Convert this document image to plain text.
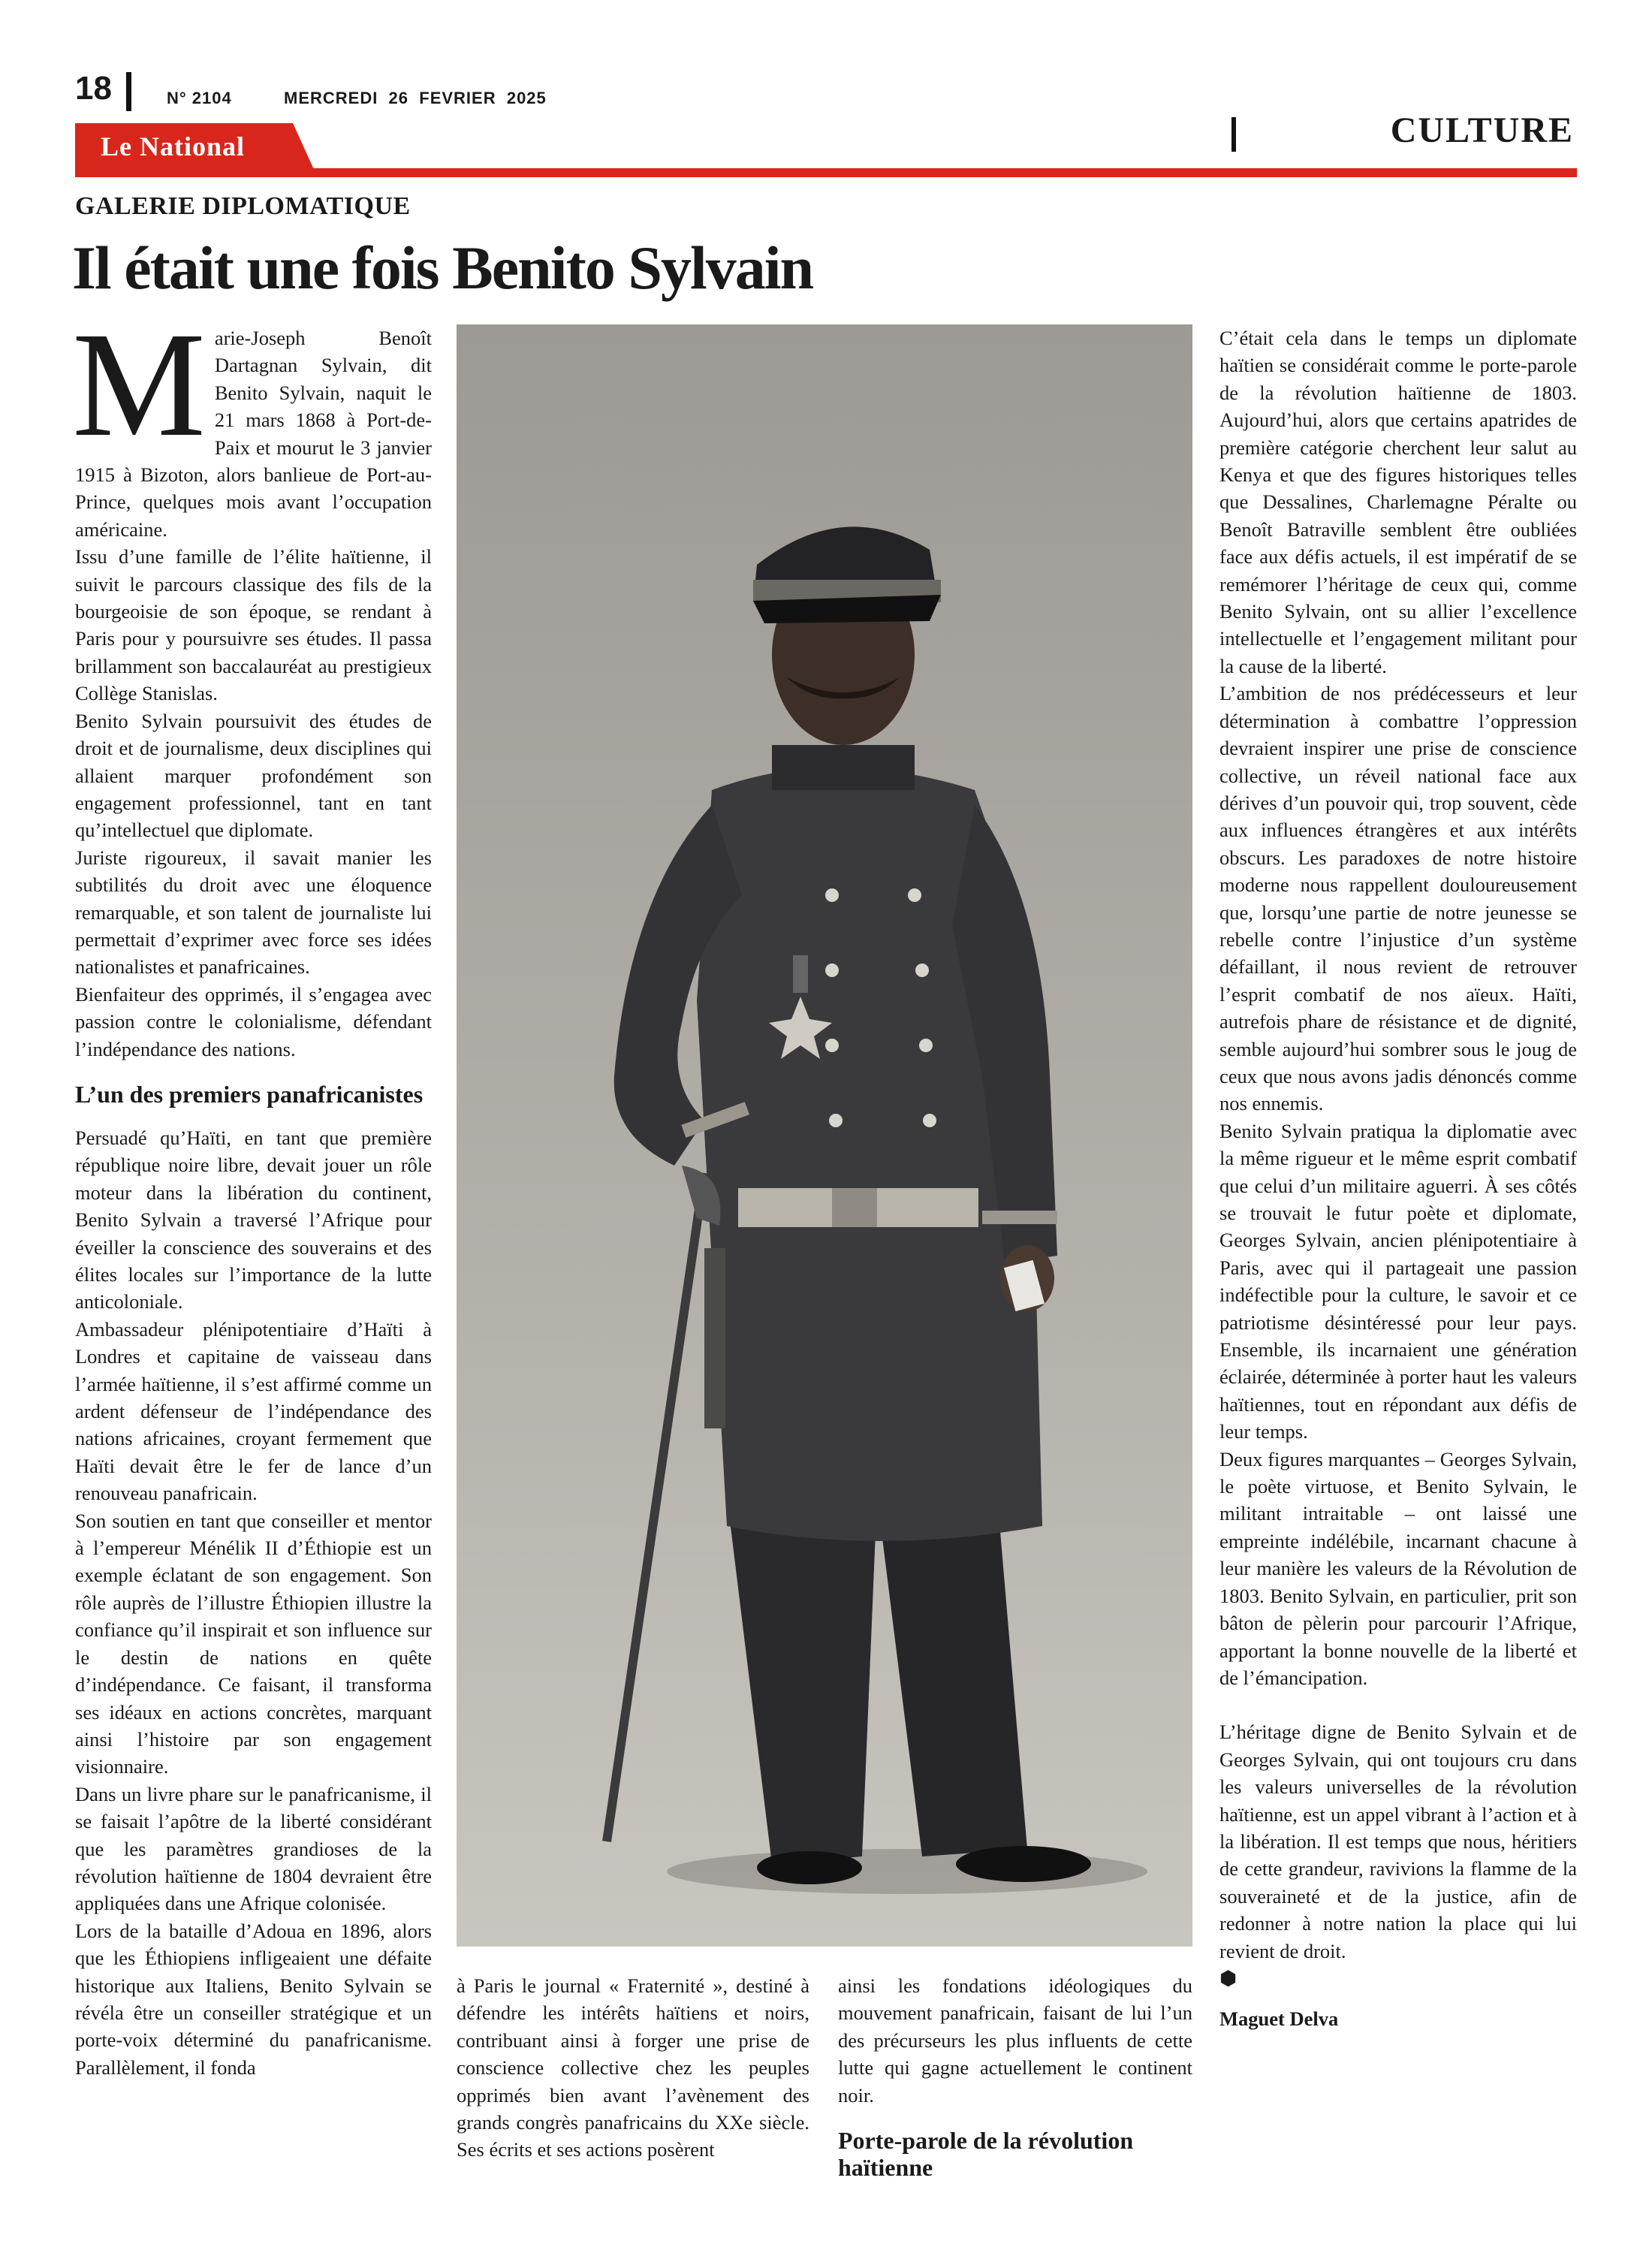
18	N° 2104	MERCREDI  26  FEVRIER  2025
CULTURE
Le National
GALERIE DIPLOMATIQUE
Il était une fois Benito Sylvain

Marie-Joseph Benoît Dartagnan Sylvain, dit Benito Sylvain, naquit le 21 mars 1868 à Port-de-Paix et mourut le 3 janvier 1915 à Bizoton, alors banlieue de Port-au-Prince, quelques mois avant l’occupation américaine.

Issu d’une famille de l’élite haïtienne, il suivit le parcours classique des fils de la bourgeoisie de son époque, se rendant à Paris pour y poursuivre ses études. Il passa brillamment son baccalauréat au prestigieux Collège Stanislas.

Benito Sylvain poursuivit des études de droit et de journalisme, deux disciplines qui allaient marquer profondément son engagement professionnel, tant en tant qu’intellectuel que diplomate.

Juriste rigoureux, il savait manier les subtilités du droit avec une éloquence remarquable, et son talent de journaliste lui permettait d’exprimer avec force ses idées nationalistes et panafricaines.

Bienfaiteur des opprimés, il s’engagea avec passion contre le colonialisme, défendant l’indépendance des nations.

L’un des premiers panafricanistes

Persuadé qu’Haïti, en tant que première république noire libre, devait jouer un rôle moteur dans la libération du continent, Benito Sylvain a traversé l’Afrique pour éveiller la conscience des souverains et des élites locales sur l’importance de la lutte anticoloniale.

Ambassadeur plénipotentiaire d’Haïti à Londres et capitaine de vaisseau dans l’armée haïtienne, il s’est affirmé comme un ardent défenseur de l’indépendance des nations africaines, croyant fermement que Haïti devait être le fer de lance d’un renouveau panafricain.

Son soutien en tant que conseiller et mentor à l’empereur Ménélik II d’Éthiopie est un exemple éclatant de son engagement. Son rôle auprès de l’illustre Éthiopien illustre la confiance qu’il inspirait et son influence sur le destin de nations en quête d’indépendance. Ce faisant, il transforma ses idéaux en actions concrètes, marquant ainsi l’histoire par son engagement visionnaire.

Dans un livre phare sur le panafricanisme, il se faisait l’apôtre de la liberté considérant que les paramètres grandioses de la révolution haïtienne de 1804 devraient être appliquées dans une Afrique colonisée.

Lors de la bataille d’Adoua en 1896, alors que les Éthiopiens infligeaient une défaite historique aux Italiens, Benito Sylvain se révéla être un conseiller stratégique et un porte-voix déterminé du panafricanisme. Parallèlement, il fonda

à Paris le journal « Fraternité », destiné à défendre les intérêts haïtiens et noirs, contribuant ainsi à forger une prise de conscience collective chez les peuples opprimés bien avant l’avènement des grands congrès panafricains du XXe siècle. Ses écrits et ses actions posèrent

ainsi les fondations idéologiques du mouvement panafricain, faisant de lui l’un des précurseurs les plus influents de cette lutte qui gagne actuellement le continent noir.

Porte-parole de la révolution haïtienne

C’était cela dans le temps un diplomate haïtien se considérait comme le porte-parole de la révolution haïtienne de 1803. Aujourd’hui, alors que certains apatrides de première catégorie cherchent leur salut au Kenya et que des figures historiques telles que Dessalines, Charlemagne Péralte ou Benoît Batraville semblent être oubliées face aux défis actuels, il est impératif de se remémorer l’héritage de ceux qui, comme Benito Sylvain, ont su allier l’excellence intellectuelle et l’engagement militant pour la cause de la liberté.

L’ambition de nos prédécesseurs et leur détermination à combattre l’oppression devraient inspirer une prise de conscience collective, un réveil national face aux dérives d’un pouvoir qui, trop souvent, cède aux influences étrangères et aux intérêts obscurs. Les paradoxes de notre histoire moderne nous rappellent douloureusement que, lorsqu’une partie de notre jeunesse se rebelle contre l’injustice d’un système défaillant, il nous revient de retrouver l’esprit combatif de nos aïeux. Haïti, autrefois phare de résistance et de dignité, semble aujourd’hui sombrer sous le joug de ceux que nous avons jadis dénoncés comme nos ennemis.

Benito Sylvain pratiqua la diplomatie avec la même rigueur et le même esprit combatif que celui d’un militaire aguerri. À ses côtés se trouvait le futur poète et diplomate, Georges Sylvain, ancien plénipotentiaire à Paris, avec qui il partageait une passion indéfectible pour la culture, le savoir et ce patriotisme désintéressé pour leur pays. Ensemble, ils incarnaient une génération éclairée, déterminée à porter haut les valeurs haïtiennes, tout en répondant aux défis de leur temps.

Deux figures marquantes – Georges Sylvain, le poète virtuose, et Benito Sylvain, le militant intraitable – ont laissé une empreinte indélébile, incarnant chacune à leur manière les valeurs de la Révolution de 1803. Benito Sylvain, en particulier, prit son bâton de pèlerin pour parcourir l’Afrique, apportant la bonne nouvelle de la liberté et de l’émancipation.

L’héritage digne de Benito Sylvain et de Georges Sylvain, qui ont toujours cru dans les valeurs universelles de la révolution haïtienne, est un appel vibrant à l’action et à la libération. Il est temps que nous, héritiers de cette grandeur, ravivions la flamme de la souveraineté et de la justice, afin de redonner à notre nation la place qui lui revient de droit.

⬢

Maguet Delva
